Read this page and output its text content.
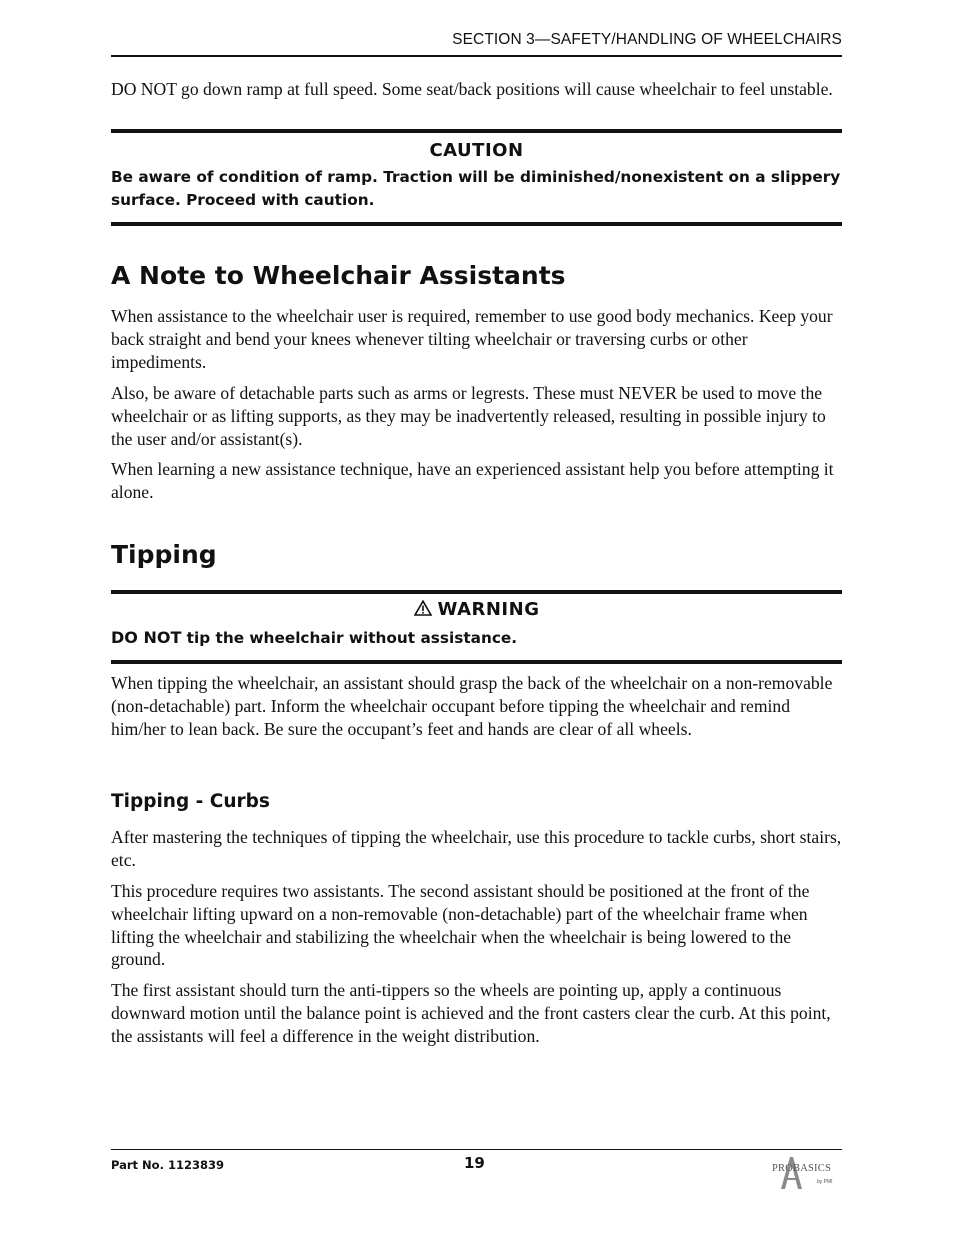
SECTION 3—SAFETY/HANDLING OF WHEELCHAIRS

DO NOT go down ramp at full speed. Some seat/back positions will cause wheelchair to feel unstable.

CAUTION

Be aware of condition of ramp. Traction will be diminished/nonexistent on a slippery surface. Proceed with caution.

A Note to Wheelchair Assistants

When assistance to the wheelchair user is required, remember to use good body mechanics. Keep your back straight and bend your knees whenever tilting wheelchair or traversing curbs or other impediments.

Also, be aware of detachable parts such as arms or legrests. These must NEVER be used to move the wheelchair or as lifting supports, as they may be inadvertently released, resulting in possible injury to the user and/or assistant(s).

When learning a new assistance technique, have an experienced assistant help you before attempting it alone.

Tipping
WARNING

DO NOT tip the wheelchair without assistance.

When tipping the wheelchair, an assistant should grasp the back of the wheelchair on a non-removable (non-detachable) part. Inform the wheelchair occupant before tipping the wheelchair and remind him/her to lean back. Be sure the occupant’s feet and hands are clear of all wheels.

Tipping - Curbs

After mastering the techniques of tipping the wheelchair, use this procedure to tackle curbs, short stairs, etc.

This procedure requires two assistants. The second assistant should be positioned at the front of the wheelchair lifting upward on a non-removable (non-detachable) part of the wheelchair frame when lifting the wheelchair and stabilizing the wheelchair when the wheelchair is being lowered to the ground.

The first assistant should turn the anti-tippers so the wheels are pointing up, apply a continuous downward motion until the balance point is achieved and the front casters clear the curb. At this point, the assistants will feel a difference in the weight distribution.

Part No. 1123839	19	PROBASICS
by PMI
